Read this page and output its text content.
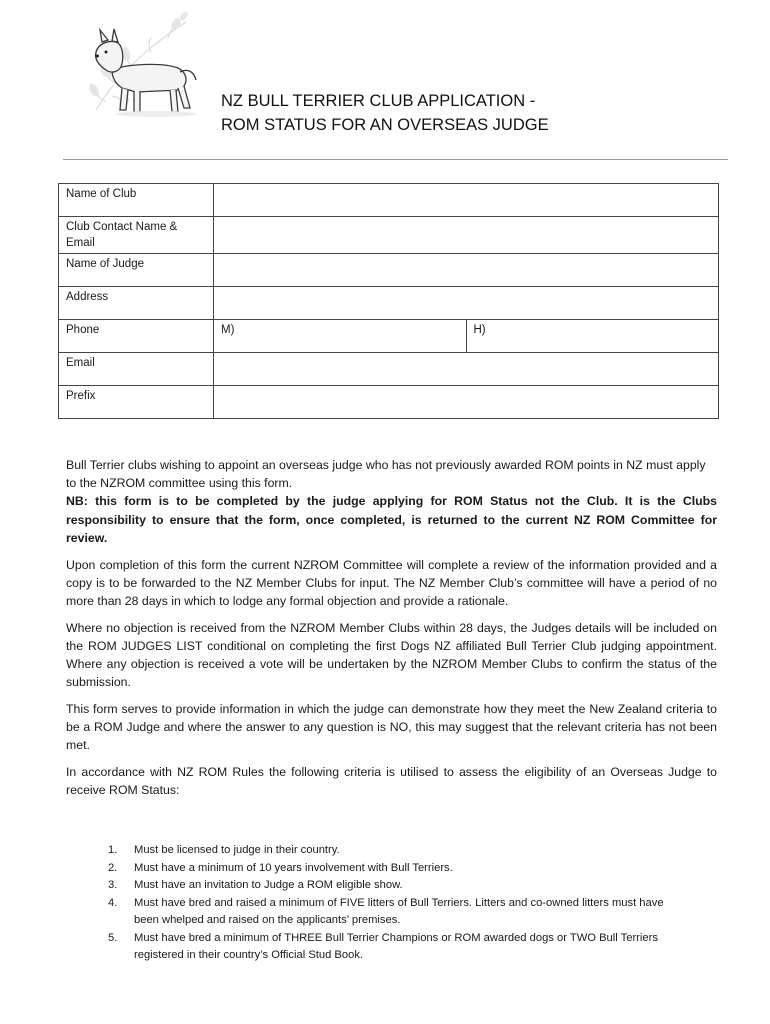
NZ BULL TERRIER CLUB APPLICATION -
ROM STATUS FOR AN OVERSEAS JUDGE
Name of Club		
Club Contact Name & Email		
Name of Judge		
Address		
Phone	M)	H)
Email		
Prefix		

Bull Terrier clubs wishing to appoint an overseas judge who has not previously awarded ROM points in NZ must apply to the NZROM committee using this form.
NB: this form is to be completed by the judge applying for ROM Status not the Club. It is the Clubs responsibility to ensure that the form, once completed, is returned to the current NZ ROM Committee for review.

Upon completion of this form the current NZROM Committee will complete a review of the information provided and a copy is to be forwarded to the NZ Member Clubs for input. The NZ Member Club’s committee will have a period of no more than 28 days in which to lodge any formal objection and provide a rationale.

Where no objection is received from the NZROM Member Clubs within 28 days, the Judges details will be included on the ROM JUDGES LIST conditional on completing the first Dogs NZ affiliated Bull Terrier Club judging appointment. Where any objection is received a vote will be undertaken by the NZROM Member Clubs to confirm the status of the submission.

This form serves to provide information in which the judge can demonstrate how they meet the New Zealand criteria to be a ROM Judge and where the answer to any question is NO, this may suggest that the relevant criteria has not been met.

In accordance with NZ ROM Rules the following criteria is utilised to assess the eligibility of an Overseas Judge to receive ROM Status:

1.	Must be licensed to judge in their country.
2.	Must have a minimum of 10 years involvement with Bull Terriers.
3.	Must have an invitation to Judge a ROM eligible show.
4.	Must have bred and raised a minimum of FIVE litters of Bull Terriers. Litters and co-owned litters must have been whelped and raised on the applicants’ premises.
5.	Must have bred a minimum of THREE Bull Terrier Champions or ROM awarded dogs or TWO Bull Terriers registered in their country’s Official Stud Book.
